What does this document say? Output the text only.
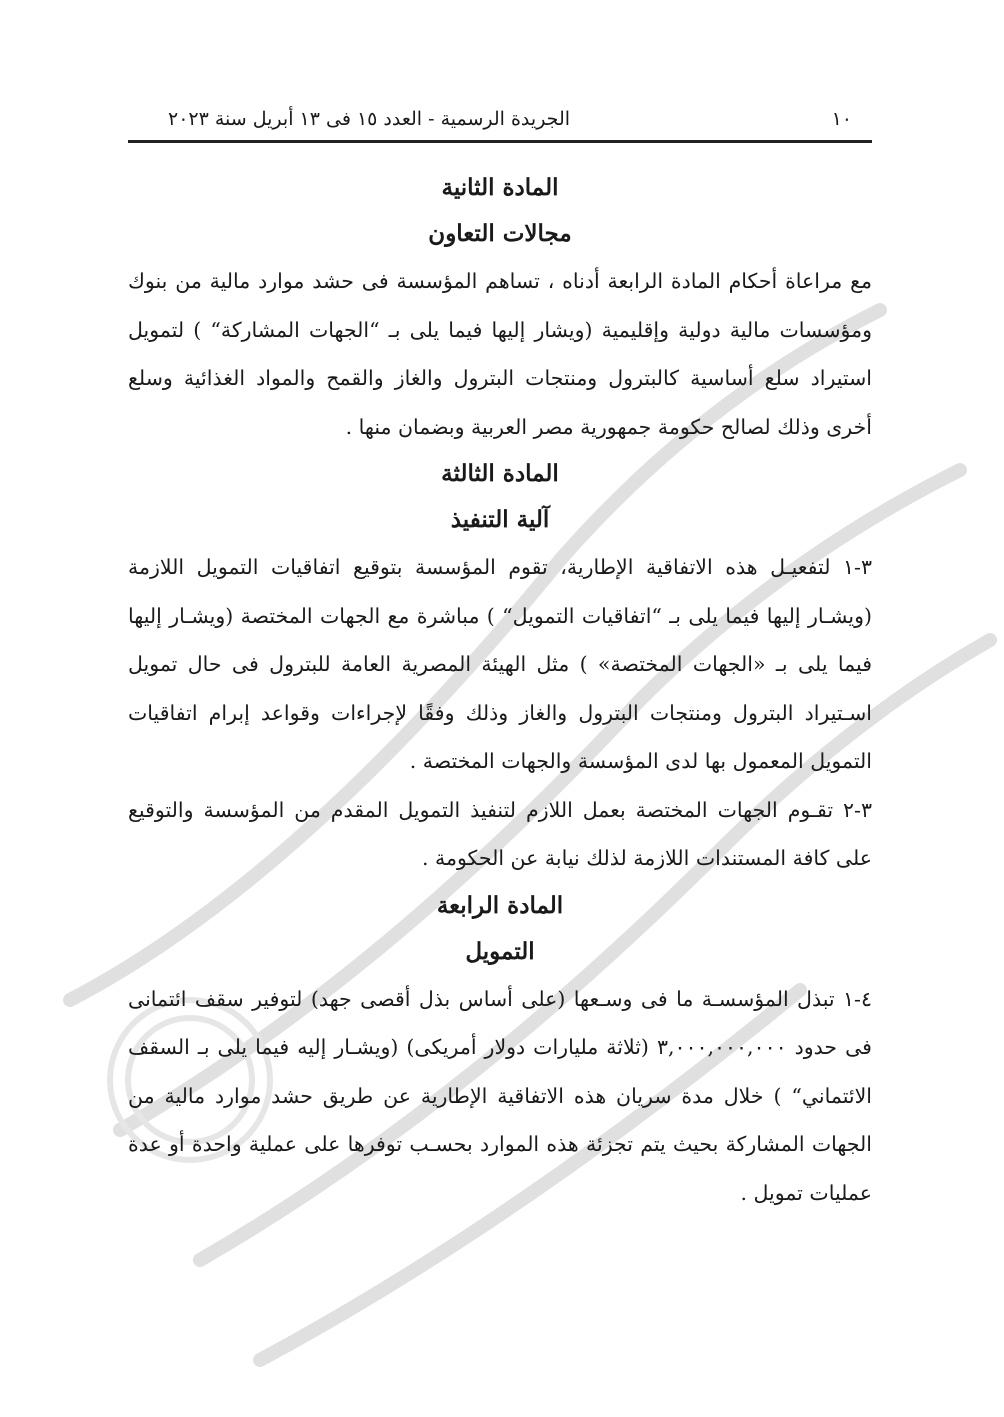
١٠
الجريدة الرسمية - العدد ١٥ فى ١٣ أبريل سنة ٢٠٢٣
المادة الثانية
مجالات التعاون

مع مراعاة أحكام المادة الرابعة أدناه ، تساهم المؤسسة فى حشد موارد مالية من بنوك ومؤسسات مالية دولية وإقليمية (ويشار إليها فيما يلى بـ “الجهات المشاركة“ ) لتمويل استيراد سلع أساسية كالبترول ومنتجات البترول والغاز والقمح والمواد الغذائية وسلع أخرى وذلك لصالح حكومة جمهورية مصر العربية وبضمان منها .

المادة الثالثة
آلية التنفيذ

٣-١ لتفعيـل هذه الاتفاقية الإطارية، تقوم المؤسسة بتوقيع اتفاقيات التمويل اللازمة (ويشـار إليها فيما يلى بـ “اتفاقيات التمويل“ ) مباشرة مع الجهات المختصة (ويشـار إليها فيما يلى بـ «الجهات المختصة» ) مثل الهيئة المصرية العامة للبترول فى حال تمويل اسـتيراد البترول ومنتجات البترول والغاز وذلك وفقًا لإجراءات وقواعد إبرام اتفاقيات التمويل المعمول بها لدى المؤسسة والجهات المختصة .

٣-٢ تقـوم الجهات المختصة بعمل اللازم لتنفيذ التمويل المقدم من المؤسسة والتوقيع على كافة المستندات اللازمة لذلك نيابة عن الحكومة .

المادة الرابعة
التمويل

٤-١ تبذل المؤسسـة ما فى وسـعها (على أساس بذل أقصى جهد) لتوفير سقف ائتمانى فى حدود ٣,٠٠٠,٠٠٠,٠٠٠ (ثلاثة مليارات دولار أمريكى) (ويشـار إليه فيما يلى بـ السقف الائتماني“ ) خلال مدة سريان هذه الاتفاقية الإطارية عن طريق حشد موارد مالية من الجهات المشاركة بحيث يتم تجزئة هذه الموارد بحسـب توفرها على عملية واحدة أو عدة عمليات تمويل .
